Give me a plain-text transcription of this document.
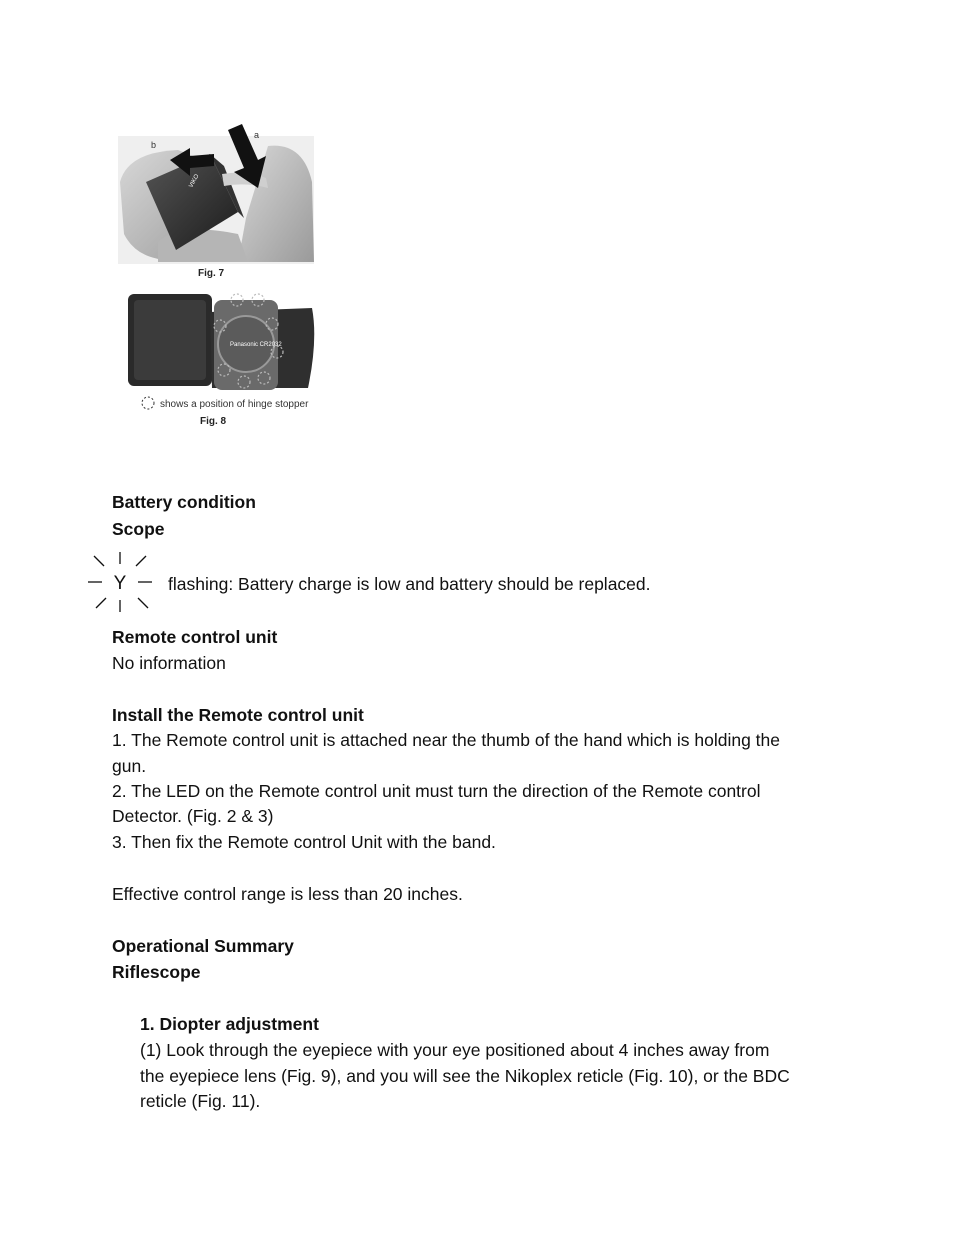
VIKO
a
b
Fig. 7
Panasonic CR2032
shows a position of hinge stopper
Fig. 8
Battery condition
Scope
Y flashing: Battery charge is low and battery should be replaced.
Remote control unit
No information
Install the Remote control unit
1. The Remote control unit is attached near the thumb of the hand which is holding the
gun.
2. The LED on the Remote control unit must turn the direction of the Remote control
Detector. (Fig. 2 & 3)
3. Then fix the Remote control Unit with the band.
Effective control range is less than 20 inches.
Operational Summary
Riflescope
1. Diopter adjustment
(1) Look through the eyepiece with your eye positioned about 4 inches away from
the eyepiece lens (Fig. 9), and you will see the Nikoplex reticle (Fig. 10), or the BDC
reticle (Fig. 11).
